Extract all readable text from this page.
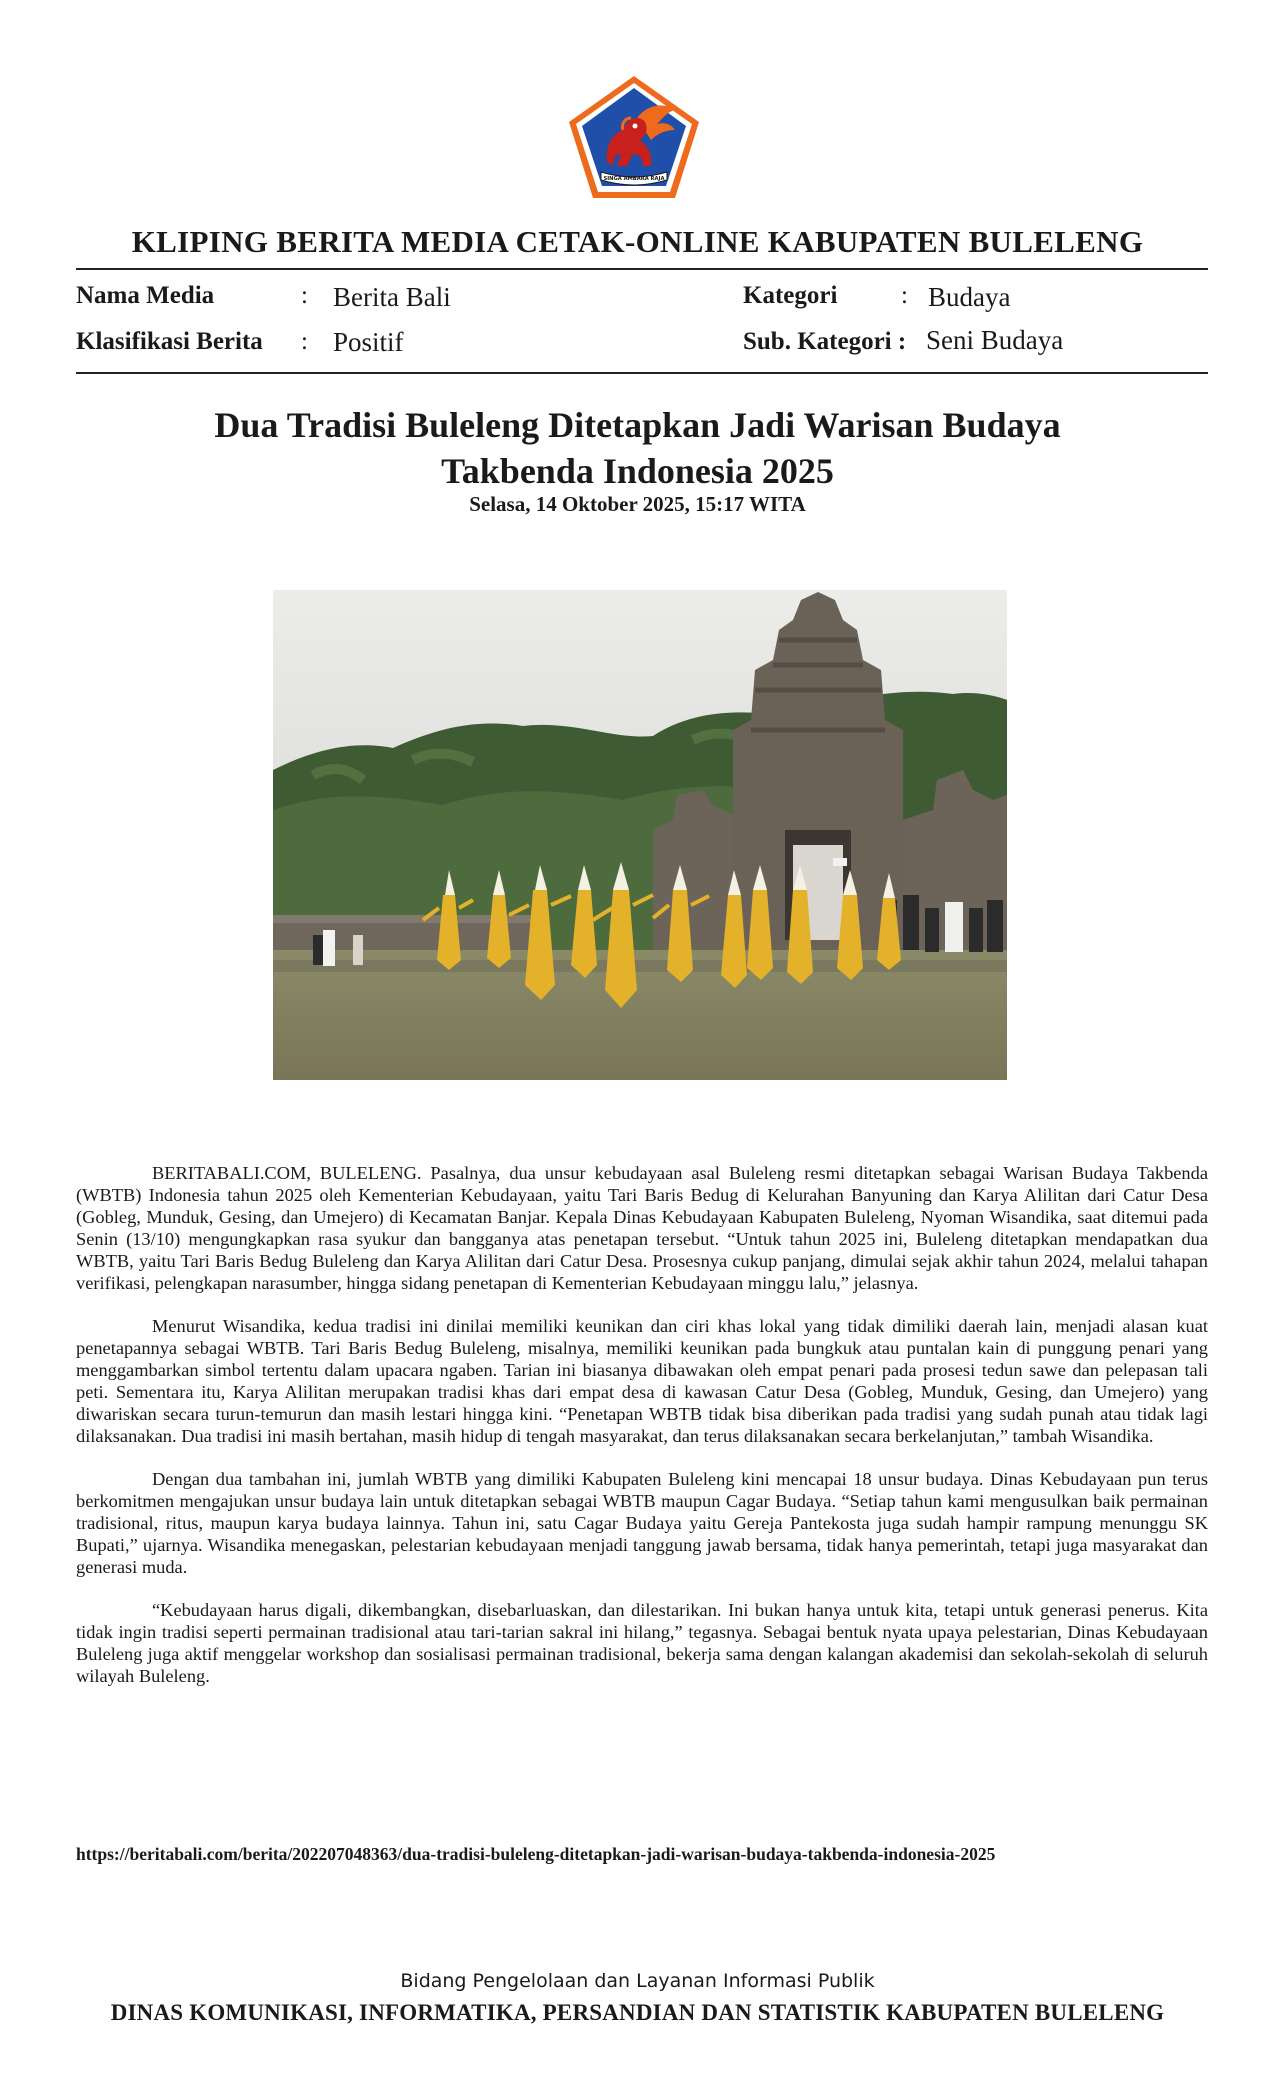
SINGA AMBARA RAJA
KLIPING BERITA MEDIA CETAK-ONLINE KABUPATEN BULELENG
Nama Media	: Berita Bali	Kategori	: Budaya
Klasifikasi Berita : Positif	Sub. Kategori : Seni Budaya
Dua Tradisi Buleleng Ditetapkan Jadi Warisan Budaya
Takbenda Indonesia 2025
Selasa, 14 Oktober 2025, 15:17 WITA

BERITABALI.COM, BULELENG. Pasalnya, dua unsur kebudayaan asal Buleleng resmi ditetapkan sebagai Warisan Budaya Takbenda (WBTB) Indonesia tahun 2025 oleh Kementerian Kebudayaan, yaitu Tari Baris Bedug di Kelurahan Banyuning dan Karya Alilitan dari Catur Desa (Gobleg, Munduk, Gesing, dan Umejero) di Kecamatan Banjar. Kepala Dinas Kebudayaan Kabupaten Buleleng, Nyoman Wisandika, saat ditemui pada Senin (13/10) mengungkapkan rasa syukur dan bangganya atas penetapan tersebut. “Untuk tahun 2025 ini, Buleleng ditetapkan mendapatkan dua WBTB, yaitu Tari Baris Bedug Buleleng dan Karya Alilitan dari Catur Desa. Prosesnya cukup panjang, dimulai sejak akhir tahun 2024, melalui tahapan verifikasi, pelengkapan narasumber, hingga sidang penetapan di Kementerian Kebudayaan minggu lalu,” jelasnya.

Menurut Wisandika, kedua tradisi ini dinilai memiliki keunikan dan ciri khas lokal yang tidak dimiliki daerah lain, menjadi alasan kuat penetapannya sebagai WBTB. Tari Baris Bedug Buleleng, misalnya, memiliki keunikan pada bungkuk atau puntalan kain di punggung penari yang menggambarkan simbol tertentu dalam upacara ngaben. Tarian ini biasanya dibawakan oleh empat penari pada prosesi tedun sawe dan pelepasan tali peti. Sementara itu, Karya Alilitan merupakan tradisi khas dari empat desa di kawasan Catur Desa (Gobleg, Munduk, Gesing, dan Umejero) yang diwariskan secara turun-temurun dan masih lestari hingga kini. “Penetapan WBTB tidak bisa diberikan pada tradisi yang sudah punah atau tidak lagi dilaksanakan. Dua tradisi ini masih bertahan, masih hidup di tengah masyarakat, dan terus dilaksanakan secara berkelanjutan,” tambah Wisandika.

Dengan dua tambahan ini, jumlah WBTB yang dimiliki Kabupaten Buleleng kini mencapai 18 unsur budaya. Dinas Kebudayaan pun terus berkomitmen mengajukan unsur budaya lain untuk ditetapkan sebagai WBTB maupun Cagar Budaya. “Setiap tahun kami mengusulkan baik permainan tradisional, ritus, maupun karya budaya lainnya. Tahun ini, satu Cagar Budaya yaitu Gereja Pantekosta juga sudah hampir rampung menunggu SK Bupati,” ujarnya. Wisandika menegaskan, pelestarian kebudayaan menjadi tanggung jawab bersama, tidak hanya pemerintah, tetapi juga masyarakat dan generasi muda.

“Kebudayaan harus digali, dikembangkan, disebarluaskan, dan dilestarikan. Ini bukan hanya untuk kita, tetapi untuk generasi penerus. Kita tidak ingin tradisi seperti permainan tradisional atau tari-tarian sakral ini hilang,” tegasnya. Sebagai bentuk nyata upaya pelestarian, Dinas Kebudayaan Buleleng juga aktif menggelar workshop dan sosialisasi permainan tradisional, bekerja sama dengan kalangan akademisi dan sekolah-sekolah di seluruh wilayah Buleleng.

https://beritabali.com/berita/202207048363/dua-tradisi-buleleng-ditetapkan-jadi-warisan-budaya-takbenda-indonesia-2025
Bidang Pengelolaan dan Layanan Informasi Publik
DINAS KOMUNIKASI, INFORMATIKA, PERSANDIAN DAN STATISTIK KABUPATEN BULELENG
